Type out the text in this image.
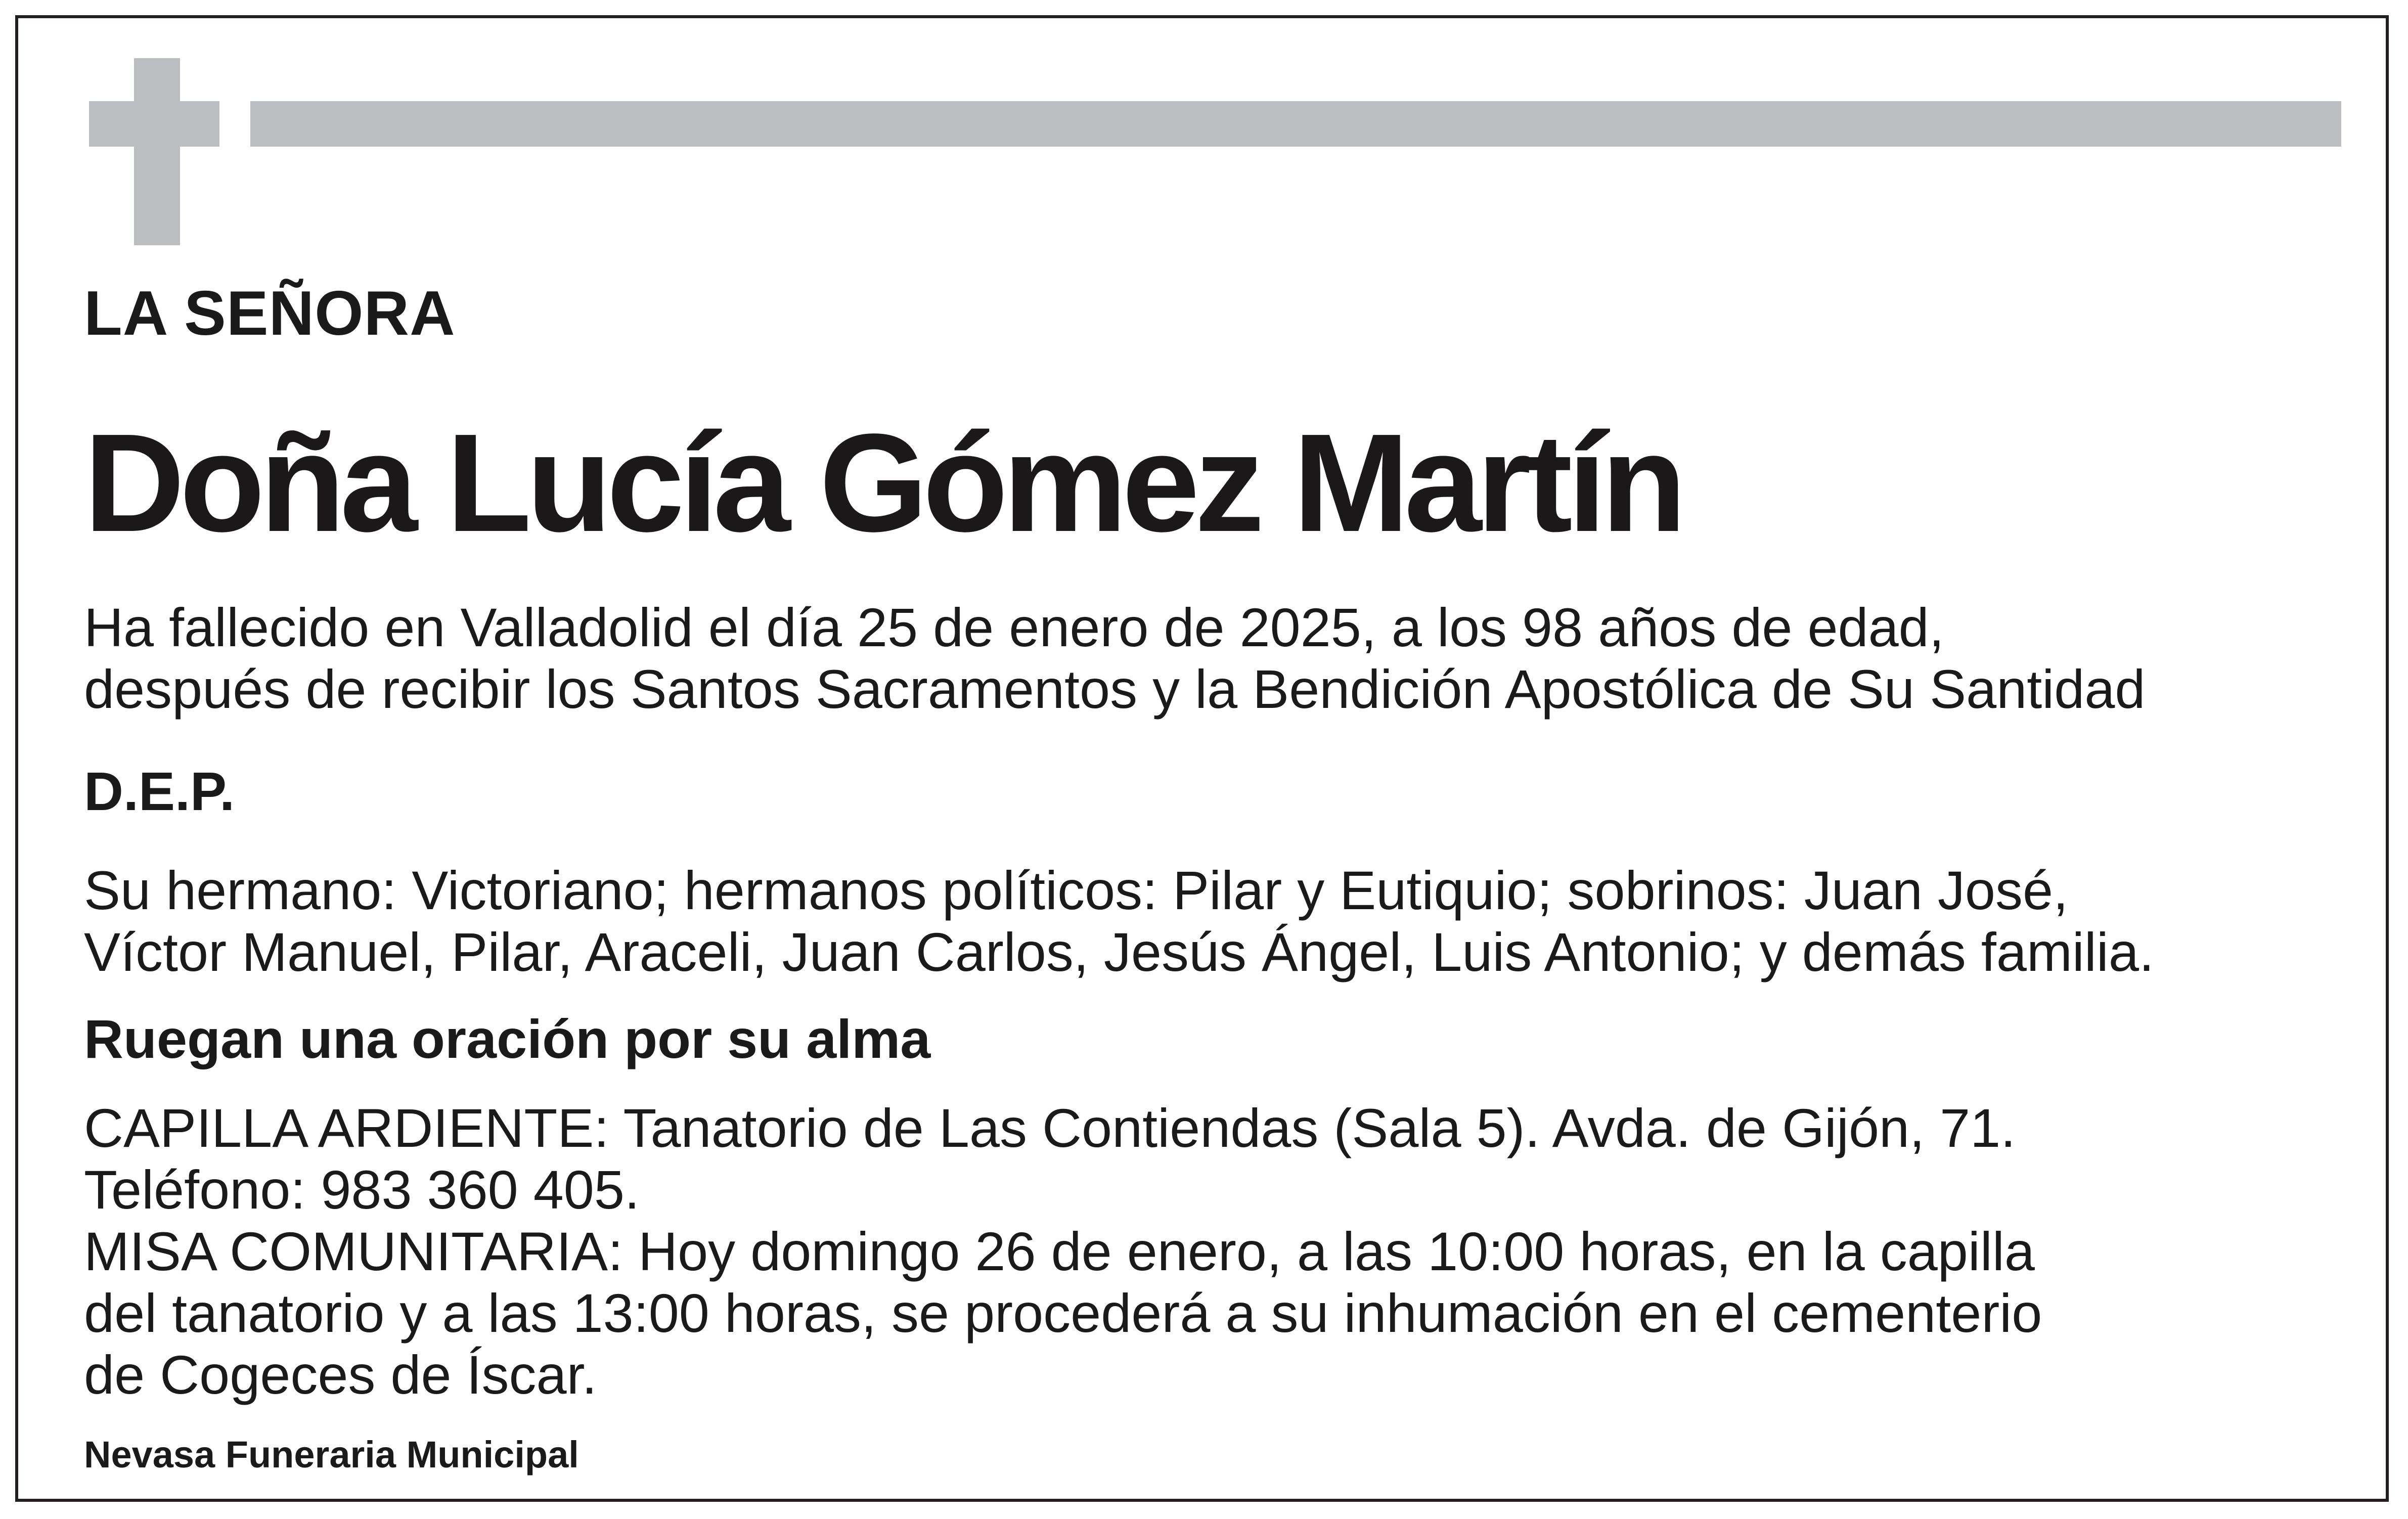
LA SEÑORA

Doña Lucía Gómez Martín

Ha fallecido en Valladolid el día 25 de enero de 2025, a los 98 años de edad,
después de recibir los Santos Sacramentos y la Bendición Apostólica de Su Santidad

D.E.P.

Su hermano: Victoriano; hermanos políticos: Pilar y Eutiquio; sobrinos: Juan José,
Víctor Manuel, Pilar, Araceli, Juan Carlos, Jesús Ángel, Luis Antonio; y demás familia.

Ruegan una oración por su alma

CAPILLA ARDIENTE: Tanatorio de Las Contiendas (Sala 5). Avda. de Gijón, 71.
Teléfono: 983 360 405.
MISA COMUNITARIA: Hoy domingo 26 de enero, a las 10:00 horas, en la capilla
del tanatorio y a las 13:00 horas, se procederá a su inhumación en el cementerio
de Cogeces de Íscar.

Nevasa Funeraria Municipal
